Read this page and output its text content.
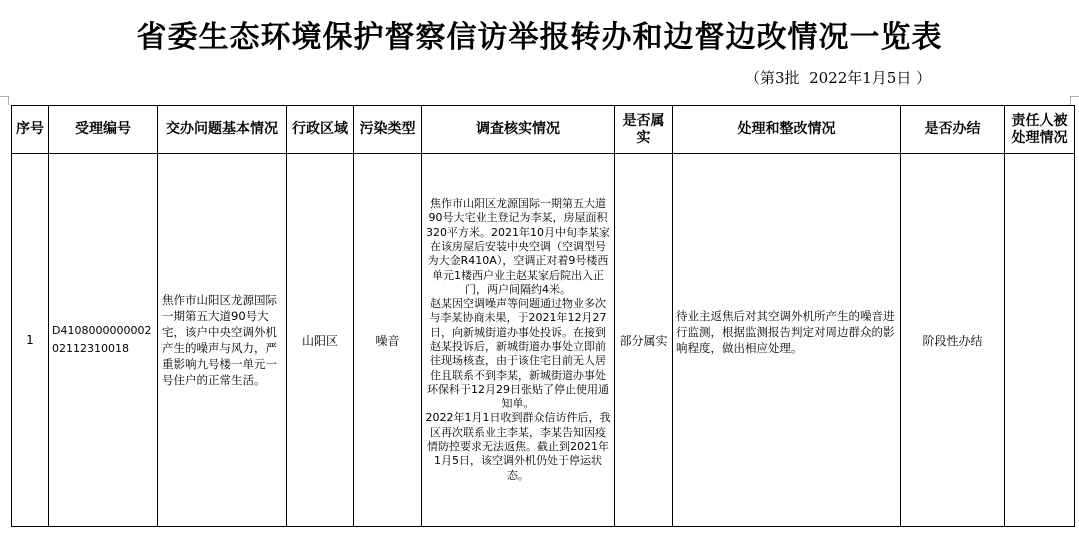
省委生态环境保护督察信访举报转办和边督边改情况一览表
（第3批  2022年1月5日 ）
序号	受理编号	交办问题基本情况	行政区域	污染类型	调查核实情况	是否属实	处理和整改情况	是否办结	责任人被处理情况
1	D410800000000202112310018	焦作市山阳区龙源国际一期第五大道90号大宅，该户中央空调外机产生的噪声与风力，严重影响九号楼一单元一号住户的正常生活。	山阳区	噪音	焦作市山阳区龙源国际一期第五大道90号大宅业主登记为李某，房屋面积320平方米。2021年10月中旬李某家在该房屋后安装中央空调（空调型号为大金R410A），空调正对着9号楼西单元1楼西户业主赵某家后院出入正门，两户间隔约4米。

赵某因空调噪声等问题通过物业多次与李某协商未果，于2021年12月27日，向新城街道办事处投诉。在接到赵某投诉后，新城街道办事处立即前往现场核查，由于该住宅目前无人居住且联系不到李某，新城街道办事处环保科于12月29日张贴了停止使用通知单。

2022年1月1日收到群众信访件后，我区再次联系业主李某，李某告知因疫情防控要求无法返焦。截止到2021年1月5日，该空调外机仍处于停运状态。	部分属实	待业主返焦后对其空调外机所产生的噪音进行监测，根据监测报告判定对周边群众的影响程度，做出相应处理。	阶段性办结	
